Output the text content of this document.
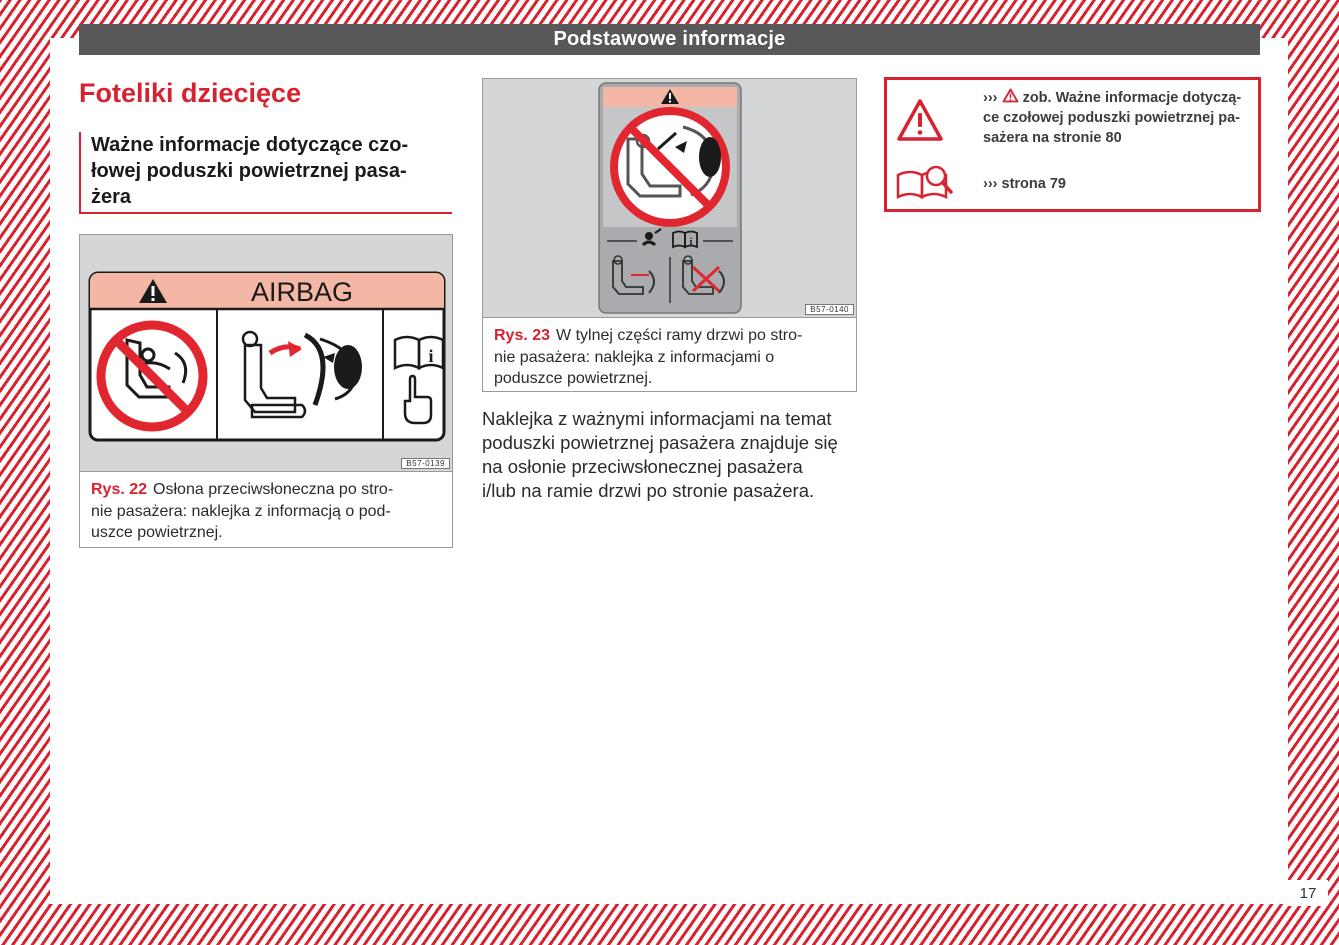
Podstawowe informacje
Foteliki dziecięce
Ważne informacje dotyczące czo-
łowej poduszki powietrznej pasa-
żera
AIRBAG
i
B57-0139
Rys. 22 Osłona przeciwsłoneczna po stro-
nie pasażera: naklejka z informacją o pod-
uszce powietrznej.
i
B57-0140
Rys. 23 W tylnej części ramy drzwi po stro-
nie pasażera: naklejka z informacjami o
poduszce powietrznej.

Naklejka z ważnymi informacjami na temat
poduszki powietrznej pasażera znajduje się
na osłonie przeciwsłonecznej pasażera
i/lub na ramie drzwi po stronie pasażera.

››› zob. Ważne informacje dotyczą-
ce czołowej poduszki powietrznej pa-
sażera na stronie 80
››› strona 79
17
